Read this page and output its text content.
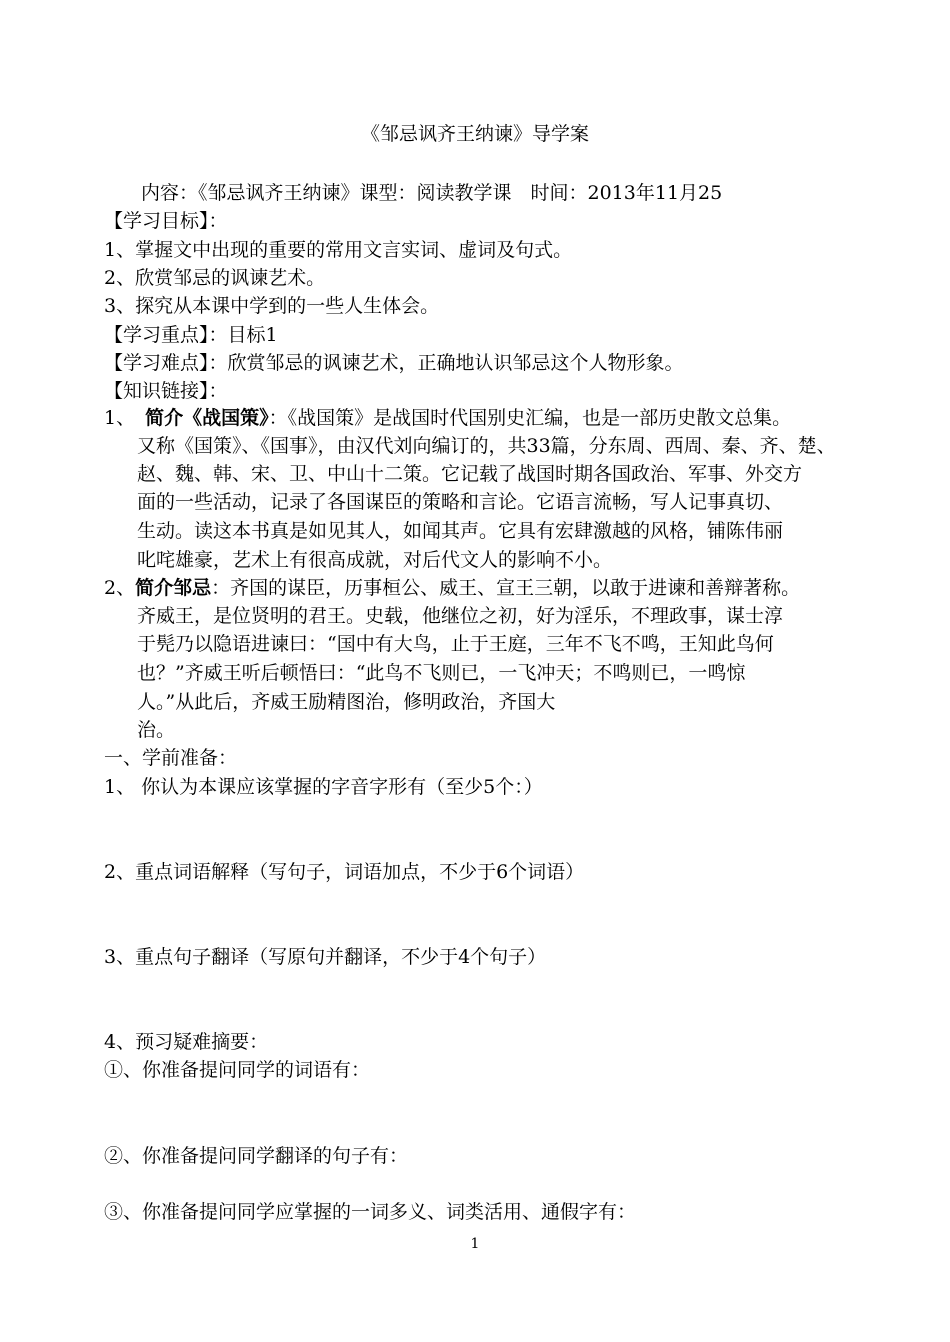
《邹忌讽齐王纳谏》导学案
内容：《邹忌讽齐王纳谏》课型：阅读教学课　时间：2013年11月25
【学习目标】：
1、掌握文中出现的重要的常用文言实词、虚词及句式。
2、欣赏邹忌的讽谏艺术。
3、探究从本课中学到的一些人生体会。
【学习重点】：目标1
【学习难点】：欣赏邹忌的讽谏艺术，正确地认识邹忌这个人物形象。
【知识链接】：
1、 简介《战国策》：《战国策》是战国时代国别史汇编，也是一部历史散文总集。
又称《国策》、《国事》，由汉代刘向编订的，共33篇，分东周、西周、秦、齐、楚、
赵、魏、韩、宋、卫、中山十二策。它记载了战国时期各国政治、军事、外交方
面的一些活动，记录了各国谋臣的策略和言论。它语言流畅，写人记事真切、
生动。读这本书真是如见其人，如闻其声。它具有宏肆激越的风格，铺陈伟丽
叱咤雄豪，艺术上有很高成就，对后代文人的影响不小。
2、简介邹忌：齐国的谋臣，历事桓公、威王、宣王三朝，以敢于进谏和善辩著称。
齐威王，是位贤明的君王。史载，他继位之初，好为淫乐，不理政事，谋士淳
于髡乃以隐语进谏曰：“国中有大鸟，止于王庭，三年不飞不鸣，王知此鸟何
也？”齐威王听后顿悟曰：“此鸟不飞则已，一飞冲天；不鸣则已，一鸣惊
人。”从此后，齐威王励精图治，修明政治，齐国大
治。
一、学前准备：
1、 你认为本课应该掌握的字音字形有（至少5个：）
2、重点词语解释（写句子，词语加点，不少于6个词语）
3、重点句子翻译（写原句并翻译，不少于4个句子）
4、预习疑难摘要：
①、你准备提问同学的词语有：
②、你准备提问同学翻译的句子有：
③、你准备提问同学应掌握的一词多义、词类活用、通假字有：
1
